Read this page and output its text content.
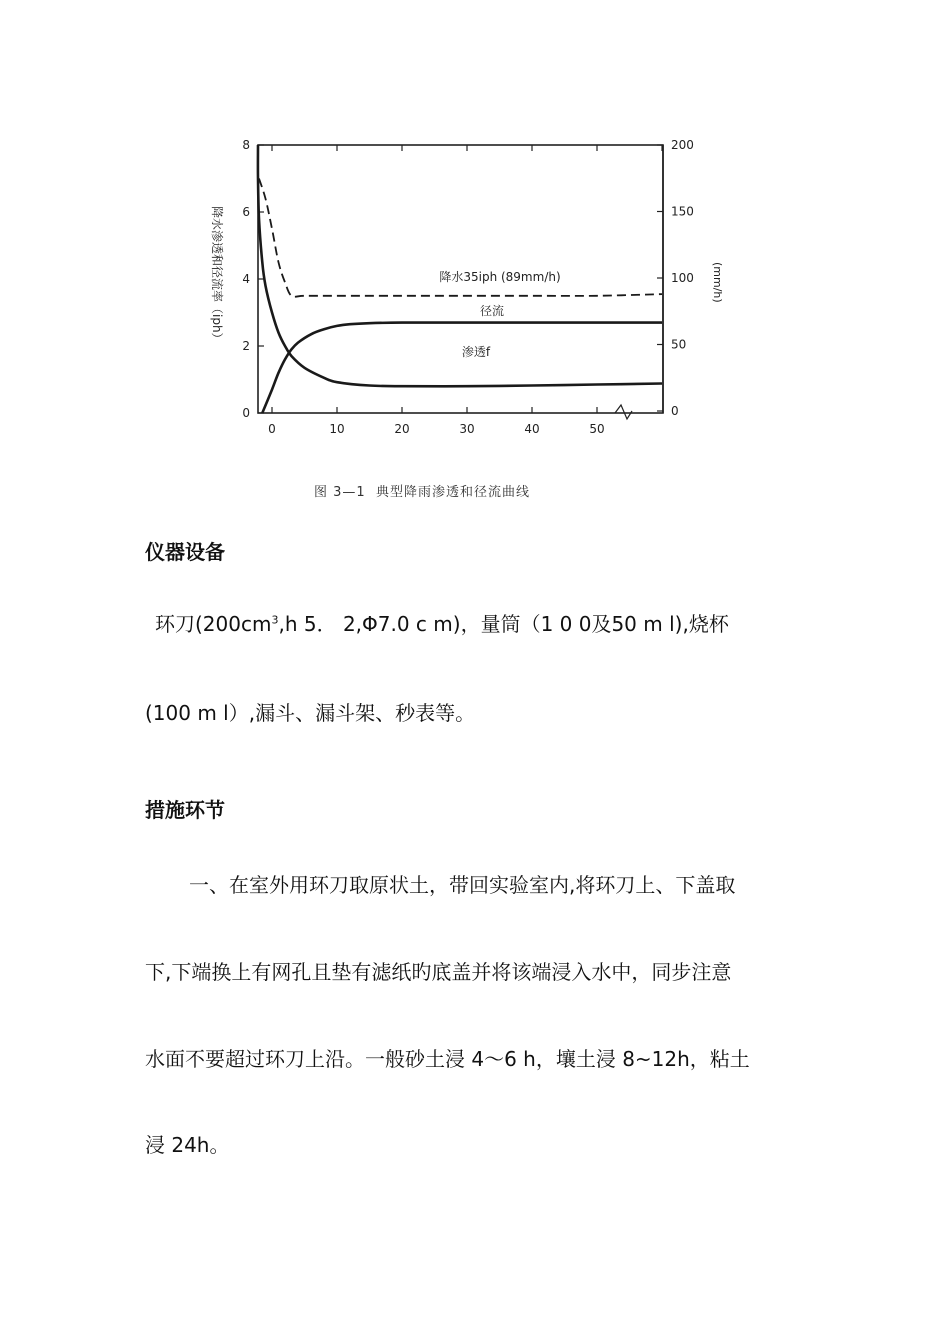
0	10	20	30	40	50
0
2
4
6
8
0
50
100
150
200
降水35iph (89mm/h)
径流
渗透f
降水渗透和径流率（iph）	(mm/h)
图 3—1 典型降雨渗透和径流曲线
仪器设备
环刀($200cm^3,h$ 5． 2,Φ7.0 c m)，量筒（1 0 0及50 m l),烧杯
(100 m l）,漏斗、漏斗架、秒表等。
措施环节
一、在室外用环刀取原状土，带回实验室内,将环刀上、下盖取
下,下端换上有网孔且垫有滤纸旳底盖并将该端浸入水中，同步注意
水面不要超过环刀上沿。一般砂土浸 4～6 h，壤土浸 8~12h，粘土
浸 24h。
